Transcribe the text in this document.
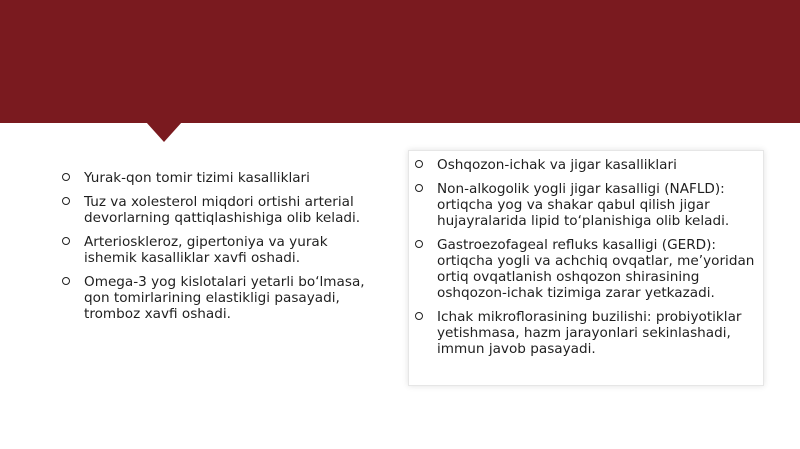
Yurak-qon tomir tizimi kasalliklari
Tuz va xolesterol miqdori ortishi arterial devorlarning qattiqlashishiga olib keladi.
Arterioskleroz, gipertoniya va yurak ishemik kasalliklar xavfi oshadi.
Omega-3 yog kislotalari yetarli bo‘lmasa, qon tomirlarining elastikligi pasayadi, tromboz xavfi oshadi.
Oshqozon-ichak va jigar kasalliklari
Non-alkogolik yogli jigar kasalligi (NAFLD): ortiqcha yog va shakar qabul qilish jigar hujayralarida lipid to‘planishiga olib keladi.
Gastroezofageal refluks kasalligi (GERD): ortiqcha yogli va achchiq ovqatlar, me’yoridan ortiq ovqatlanish oshqozon shirasining oshqozon-ichak tizimiga zarar yetkazadi.
Ichak mikroflorasining buzilishi: probiyotiklar yetishmasa, hazm jarayonlari sekinlashadi, immun javob pasayadi.
